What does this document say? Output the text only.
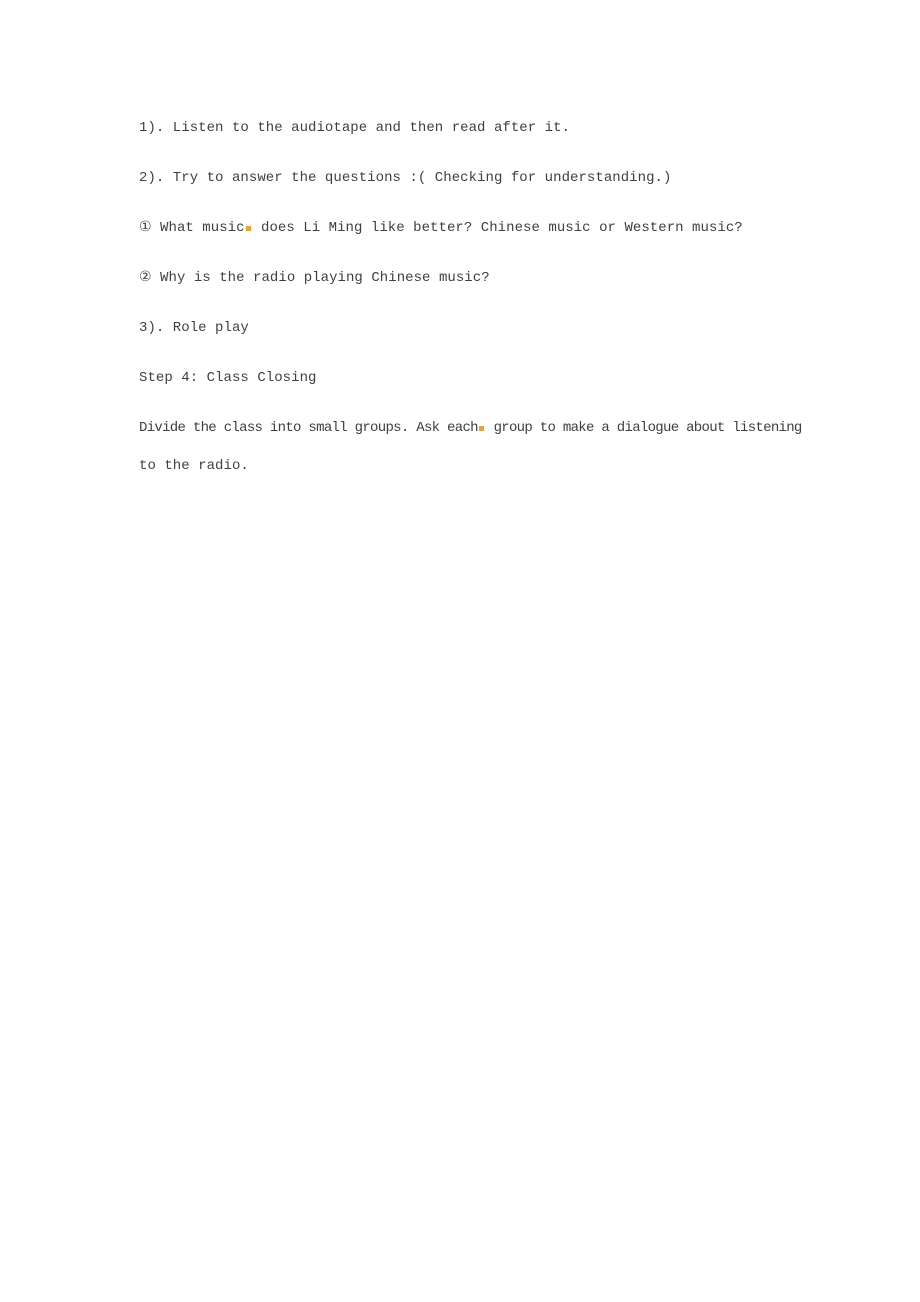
1). Listen to the audiotape and then read after it.

2). Try to answer the questions :( Checking for understanding.)

① What music does Li Ming like better? Chinese music or Western music?

② Why is the radio playing Chinese music?

3). Role play

Step 4: Class Closing

Divide the class into small groups. Ask each group to make a dialogue about listening

to the radio.
